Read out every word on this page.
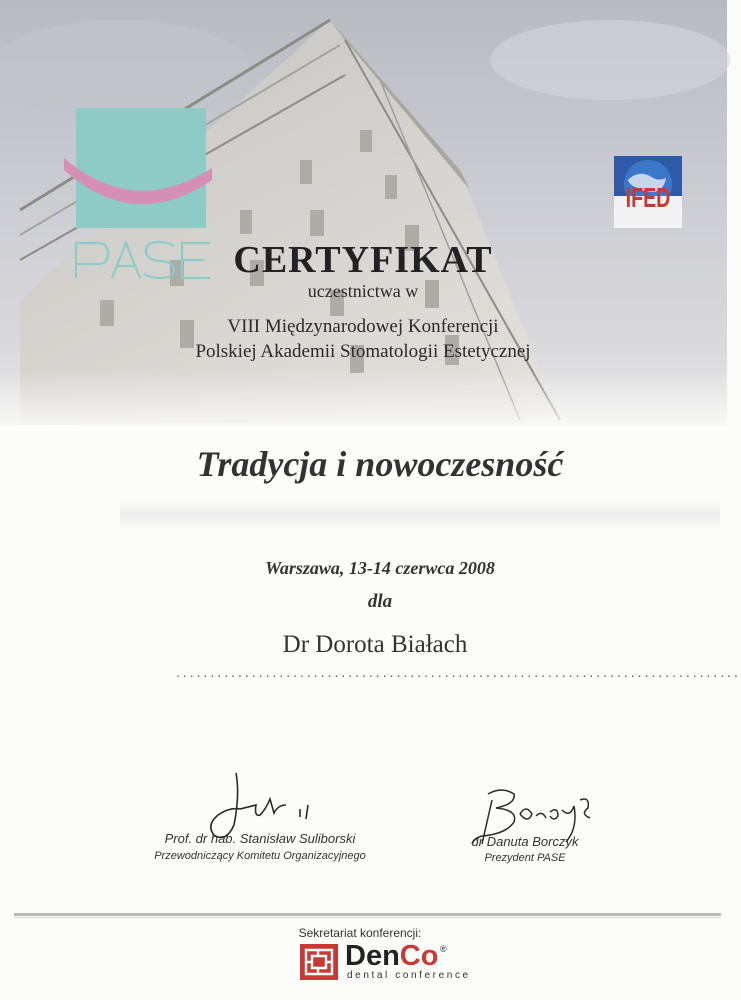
IFED
CERTYFIKAT
uczestnictwa w
VIII Międzynarodowej Konferencji
Polskiej Akademii Stomatologii Estetycznej
Tradycja i nowoczesność
Warszawa, 13-14 czerwca 2008
dla
Dr Dorota Białach
..................................................................................
Prof. dr hab. Stanisław Suliborski
Przewodniczący Komitetu Organizacyjnego
dr Danuta Borczyk
Prezydent PASE
Sekretariat konferencji:
DenCo ®
dental conference
